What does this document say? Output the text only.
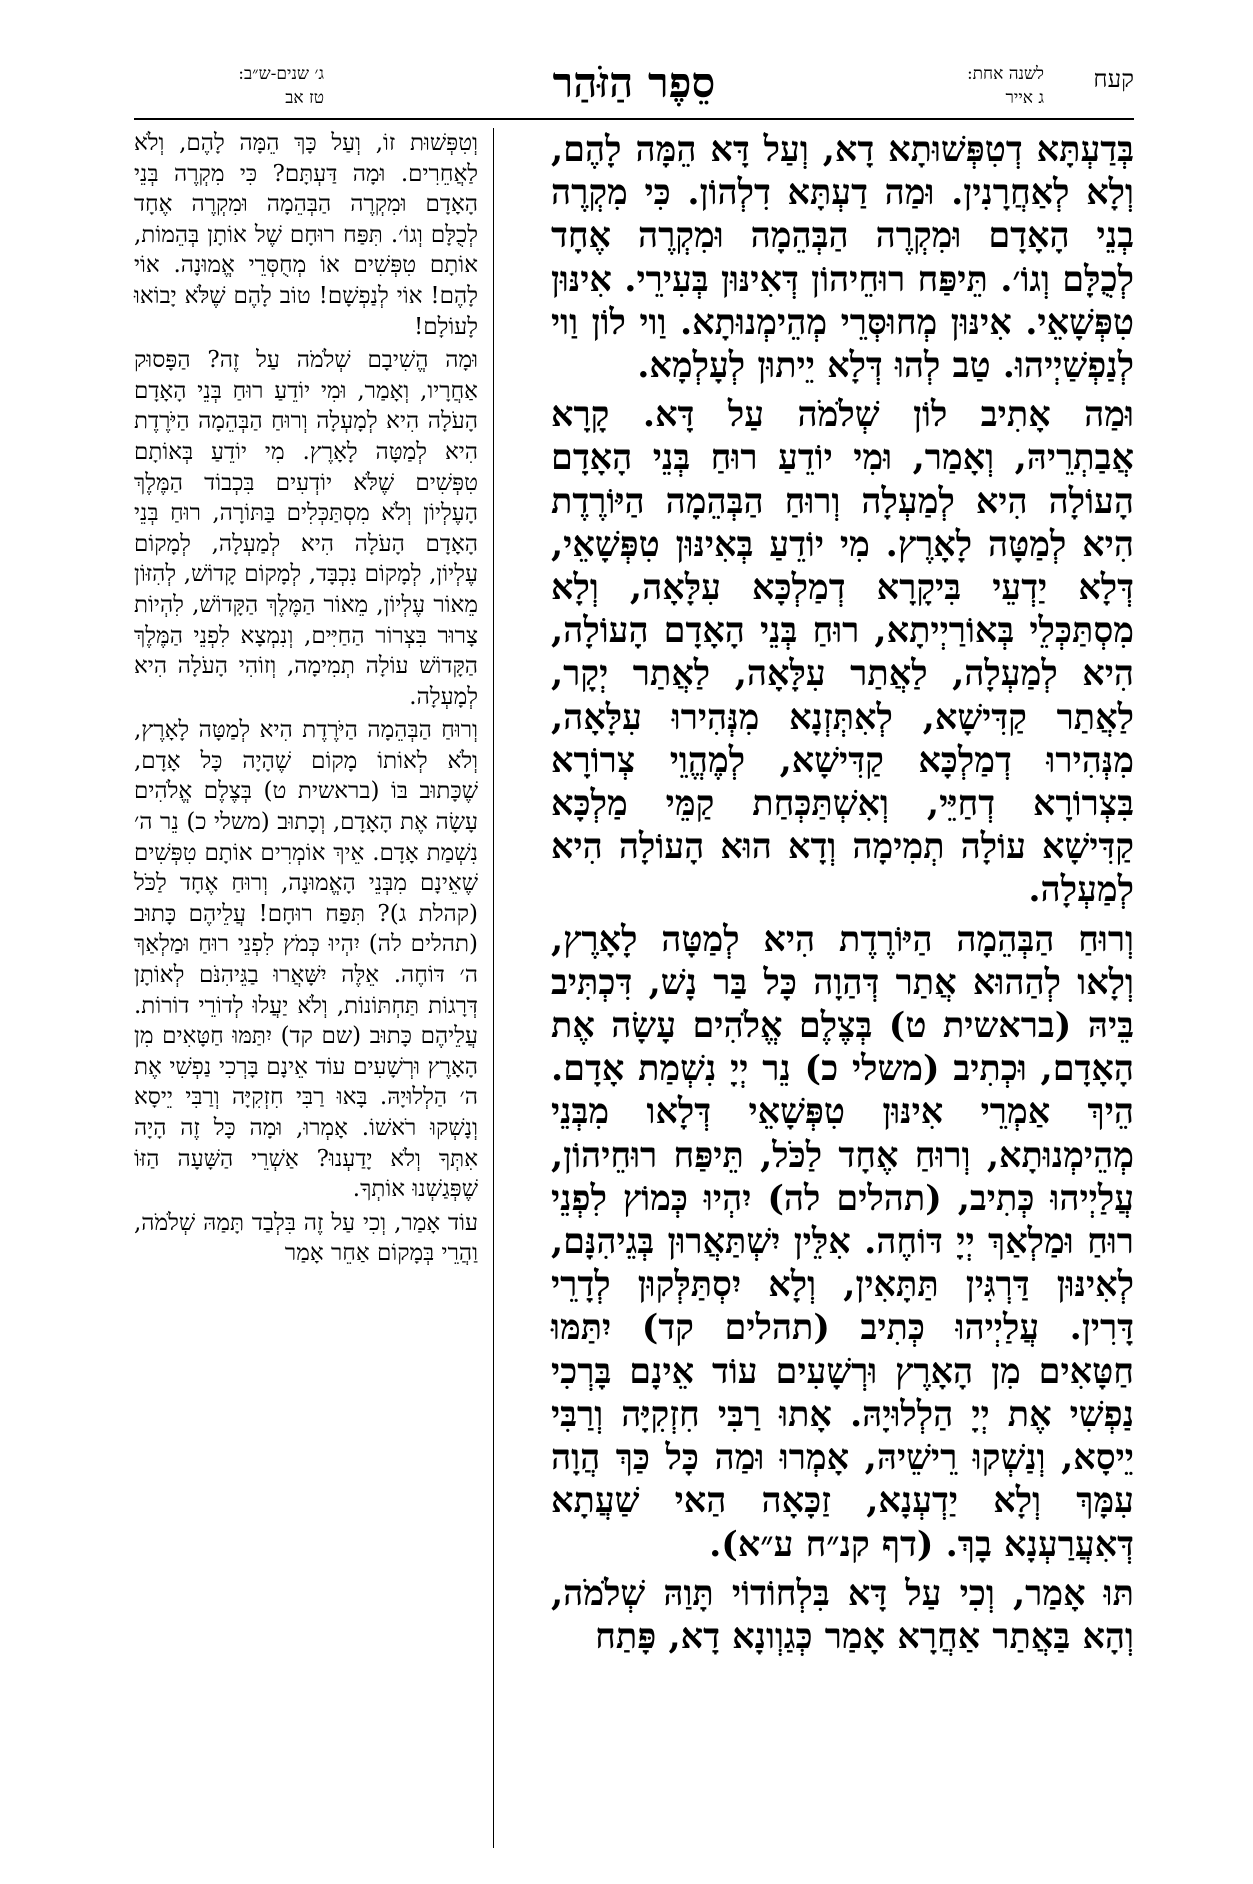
ג׳ שנים-ש״ב:
טז אב	סֵפֶר הַזֹּהַר	לשנה אחת:
ג אייר
קעח

בְּדַעְתָּא דְטִפְּשׁוּתָא דָא, וְעַל דָּא הֵמָּה לָהֶם, וְלָא לְאַחֲרָנִין. וּמַה דַעְתָּא דִלְהוֹן. כִּי מִקְרֶה בְנֵי הָאָדָם וּמִקְרֶה הַבְּהֵמָה וּמִקְרֶה אֶחָד לְכֻלָּם וְגוֹ׳. תֵּיפַּח רוּחֵיהוֹן דְּאִינּוּן בְּעִירֵי. אִינּוּן טִפְּשָׁאֵי. אִינּוּן מְחוּסְּרֵי מְהֵימְנוּתָא. וַוי לוֹן וַוי לְנַפְשַׁיְיהוּ. טַב לְהוּ דְּלָא יֵיתוּן לְעָלְמָא.

וּמַה אָתִיב לוֹן שְׁלֹמֹה עַל דָּא. קָרָא אֲבַתְרֵיהּ, וְאָמַר, וּמִי יוֹדֵעַ רוּחַ בְּנֵי הָאָדָם הָעוֹלָה הִיא לְמַעְלָה וְרוּחַ הַבְּהֵמָה הַיּוֹרֶדֶת הִיא לְמַטָּה לָאָרֶץ. מִי יוֹדֵעַ בְּאִינּוּן טִפְּשָׁאֵי, דְּלָא יַדְעֵי בִּיקָרָא דְמַלְכָּא עִלָּאָה, וְלָא מִסְתַּכְּלֵי בְּאוֹרַיְיתָא, רוּחַ בְּנֵי הָאָדָם הָעוֹלָה, הִיא לְמַעְלָה, לַאֲתַר עִלָּאָה, לַאֲתַר יְקָר, לַאֲתַר קַדִּישָׁא, לְאִתְּזְנָא מִנְּהִירוּ עִלָּאָה, מִנְּהִירוּ דְמַלְכָּא קַדִּישָׁא, לְמֶהֱוֵי צְרוֹרָא בִּצְרוֹרָא דְחַיֵּי, וְאִשְׁתַּכְּחַת קַמֵּי מַלְכָּא קַדִּישָׁא עוֹלָה תְמִימָה וְדָא הוּא הָעוֹלָה הִיא לְמַעְלָה.

וְרוּחַ הַבְּהֵמָה הַיּוֹרֶדֶת הִיא לְמַטָּה לָאָרֶץ, וְלָאו לְהַהוּא אֲתַר דְּהַוָה כָּל בַּר נָשׁ, דִּכְתִּיב בֵּיהּ (בראשית ט) בְּצֶלֶם אֱלֹהִים עָשָׂה אֶת הָאָדָם, וּכְתִיב (משלי כ) נֵר יְיָ נִשְׁמַת אָדָם. הֵיךְ אַמְרֵי אִינּוּן טִפְּשָׁאֵי דְּלָאו מִבְּנֵי מְהֵימְנוּתָא, וְרוּחַ אֶחָד לַכֹּל, תֵּיפַּח רוּחֵיהוֹן, עֲלַיְיהוּ כְּתִיב, (תהלים לה) יִהְיוּ כְּמוֹץ לִפְנֵי רוּחַ וּמַלְאַךְ יְיָ דּוֹחֶה. אִלֵּין יִשְׁתַּאֲרוּן בְּגֵיהִנָּם, לְאִינּוּן דַּרְגִּין תַּתָּאִין, וְלָא יִסְתַּלְּקוּן לְדָרֵי דָּרִין. עֲלַיְיהוּ כְּתִיב (תהלים קד) יִתַּמּוּ חַטָּאִים מִן הָאָרֶץ וּרְשָׁעִים עוֹד אֵינָם בָּרְכִי נַפְשִׁי אֶת יְיָ הַלְלוּיָהּ. אָתוּ רַבִּי חִזְקִיָּה וְרַבִּי יֵיסָא, וְנַשְׁקוּ רֵישֵׁיהּ, אָמְרוּ וּמַה כָּל כַּךְ הֲוָה עִמָּךְ וְלָא יַדְעְנָא, זַכָּאָה הַאי שַׁעֲתָא דְּאִעֲרַעְנָא בָךְ. (דף קנ״ח ע״א).

תּוּ אָמַר, וְכִי עַל דָּא בִּלְחוֹדוֹי תָּוַהּ שְׁלֹמֹה, וְהָא בַּאֲתַר אַחֲרָא אָמַר כְּגַוְונָא דָא, פָּתַח

וְטִפְּשׁוּת זוֹ, וְעַל כָּךְ הֵמָּה לָהֶם, וְלֹא לַאֲחֵרִים. וּמָה דַּעְתָּם? כִּי מִקְרֶה בְּנֵי הָאָדָם וּמִקְרֶה הַבְּהֵמָה וּמִקְרֶה אֶחָד לְכֻלָּם וְגוֹ׳. תִּפַּח רוּחָם שֶׁל אוֹתָן בְּהֵמוֹת, אוֹתָם טִפְּשִׁים אוֹ מְחֻסְּרֵי אֱמוּנָה. אוֹי לָהֶם! אוֹי לְנַפְשָׁם! טוֹב לָהֶם שֶׁלֹּא יָבוֹאוּ לָעוֹלָם!

וּמָה הֱשִׁיבָם שְׁלֹמֹה עַל זֶה? הַפָּסוּק אַחֲרָיו, וְאָמַר, וּמִי יוֹדֵעַ רוּחַ בְּנֵי הָאָדָם הָעֹלָה הִיא לְמָעְלָה וְרוּחַ הַבְּהֵמָה הַיֹּרֶדֶת הִיא לְמַטָּה לָאָרֶץ. מִי יוֹדֵעַ בְּאוֹתָם טִפְּשִׁים שֶׁלֹּא יוֹדְעִים בִּכְבוֹד הַמֶּלֶךְ הָעֶלְיוֹן וְלֹא מִסְתַּכְּלִים בַּתּוֹרָה, רוּחַ בְּנֵי הָאָדָם הָעֹלָה הִיא לְמַעְלָה, לְמָקוֹם עֶלְיוֹן, לְמָקוֹם נִכְבָּד, לְמָקוֹם קָדוֹשׁ, לְהִזּוֹן מֵאוֹר עֶלְיוֹן, מֵאוֹר הַמֶּלֶךְ הַקָּדוֹשׁ, לִהְיוֹת צָרוּר בִּצְרוֹר הַחַיִּים, וְנִמְצָא לִפְנֵי הַמֶּלֶךְ הַקָּדוֹשׁ עוֹלָה תְמִימָה, וְזוֹהִי הָעֹלָה הִיא לְמָעְלָה.

וְרוּחַ הַבְּהֵמָה הַיֹּרֶדֶת הִיא לְמַטָּה לָאָרֶץ, וְלֹא לְאוֹתוֹ מָקוֹם שֶׁהָיָה כָּל אָדָם, שֶׁכָּתוּב בּוֹ (בראשית ט) בְּצֶלֶם אֱלֹהִים עָשָׂה אֶת הָאָדָם, וְכָתוּב (משלי כ) נֵר ה׳ נִשְׁמַת אָדָם. אֵיךְ אוֹמְרִים אוֹתָם טִפְּשִׁים שֶׁאֵינָם מִבְּנֵי הָאֱמוּנָה, וְרוּחַ אֶחָד לַכֹּל (קהלת ג)? תִּפַּח רוּחָם! עֲלֵיהֶם כָּתוּב (תהלים לה) יִהְיוּ כְּמֹץ לִפְנֵי רוּחַ וּמַלְאַךְ ה׳ דּוֹחֶה. אֵלֶּה יִשָּׁאֲרוּ בַגֵּיהִנֹּם לְאוֹתָן דְּרָגוֹת תַּחְתּוֹנוֹת, וְלֹא יַעֲלוּ לְדוֹרֵי דוֹרוֹת. עֲלֵיהֶם כָּתוּב (שם קד) יִתַּמּוּ חַטָּאִים מִן הָאָרֶץ וּרְשָׁעִים עוֹד אֵינָם בָּרְכִי נַפְשִׁי אֶת ה׳ הַלְלוּיָהּ. בָּאוּ רַבִּי חִזְקִיָּה וְרַבִּי יֵיסָא וְנָשְׁקוּ רֹאשׁוֹ. אָמְרוּ, וּמָה כָּל זֶה הָיָה אִתְּךָ וְלֹא יָדַעְנוּ? אַשְׁרֵי הַשָּׁעָה הַזּוֹ שֶׁפְּגַשְׁנוּ אוֹתְךָ.

עוֹד אָמַר, וְכִי עַל זֶה בִּלְבַד תָּמַהּ שְׁלֹמֹה, וַהֲרֵי בְּמָקוֹם אַחֵר אָמַר
